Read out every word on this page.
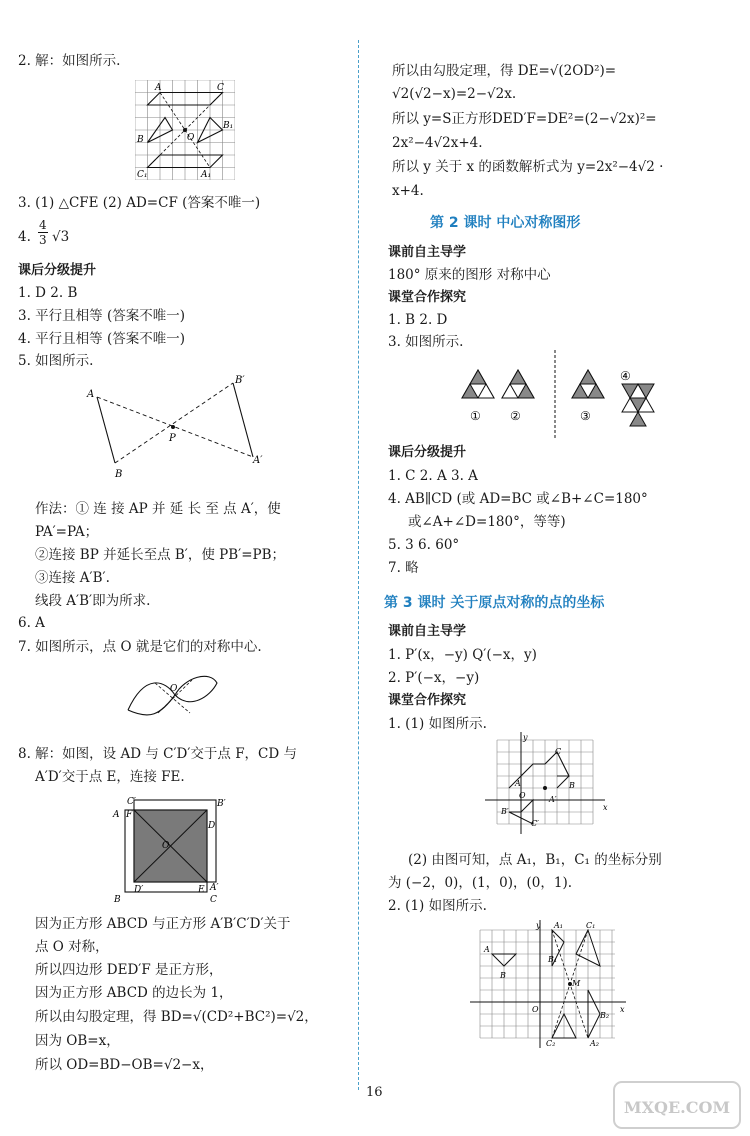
2. 解：如图所示.
A	C
B	O
B₁
C₁	A₁
3. (1) △CFE (2) AD=CF (答案不唯一)
4. $\frac{4}{3} √3$
课后分级提升
1. D 2. B
3. 平行且相等 (答案不唯一)
4. 平行且相等 (答案不唯一)
5. 如图所示.
A
B′
P
B
A′
作法：① 连 接 AP 并 延 长 至 点 A′，使
PA′=PA；
②连接 BP 并延长至点 B′，使 PB′=PB；
③连接 A′B′.
线段 A′B′即为所求.
6. A
7. 如图所示，点 O 就是它们的对称中心.
O
8. 解：如图，设 AD 与 C′D′交于点 F，CD 与
A′D′交于点 E，连接 FE.
C′	B′
A F
D
O
D′	E A′
B	C
因为正方形 ABCD 与正方形 A′B′C′D′关于
点 O 对称，
所以四边形 DED′F 是正方形，
因为正方形 ABCD 的边长为 1，
所以由勾股定理，得 BD=√(CD²+BC²)=√2，
因为 OB=x，
所以 OD=BD−OB=√2−x，
所以由勾股定理，得 DE=√(2OD²)=
√2(√2−x)=2−√2x.
所以 y=S正方形DED′F=DE²=(2−√2x)²=
2x²−4√2x+4.
所以 y 关于 x 的函数解析式为 y=2x²−4√2 ·
x+4.
第 2 课时 中心对称图形
课前自主导学
180° 原来的图形 对称中心
课堂合作探究
1. B 2. D
3. 如图所示.
① ②	③
④
课后分级提升
1. C 2. A 3. A
4. AB∥CD (或 AD=BC 或∠B+∠C=180°
或∠A+∠D=180°，等等)
5. 3 6. 60°
7. 略
第 3 课时 关于原点对称的点的坐标
课前自主导学
1. P′(x，−y) Q′(−x，y)
2. P′(−x，−y)
课堂合作探究
1. (1) 如图所示.
y
x
C
A	B
O	A′
B′
C′
(2) 由图可知，点 A₁，B₁，C₁ 的坐标分别
为 (−2，0)，(1，0)，(0，1).
2. (1) 如图所示.
y
x
A
B
A₁
B₁
C₁
M
O
B₂
C₂	A₂
16
MXQE.COM
